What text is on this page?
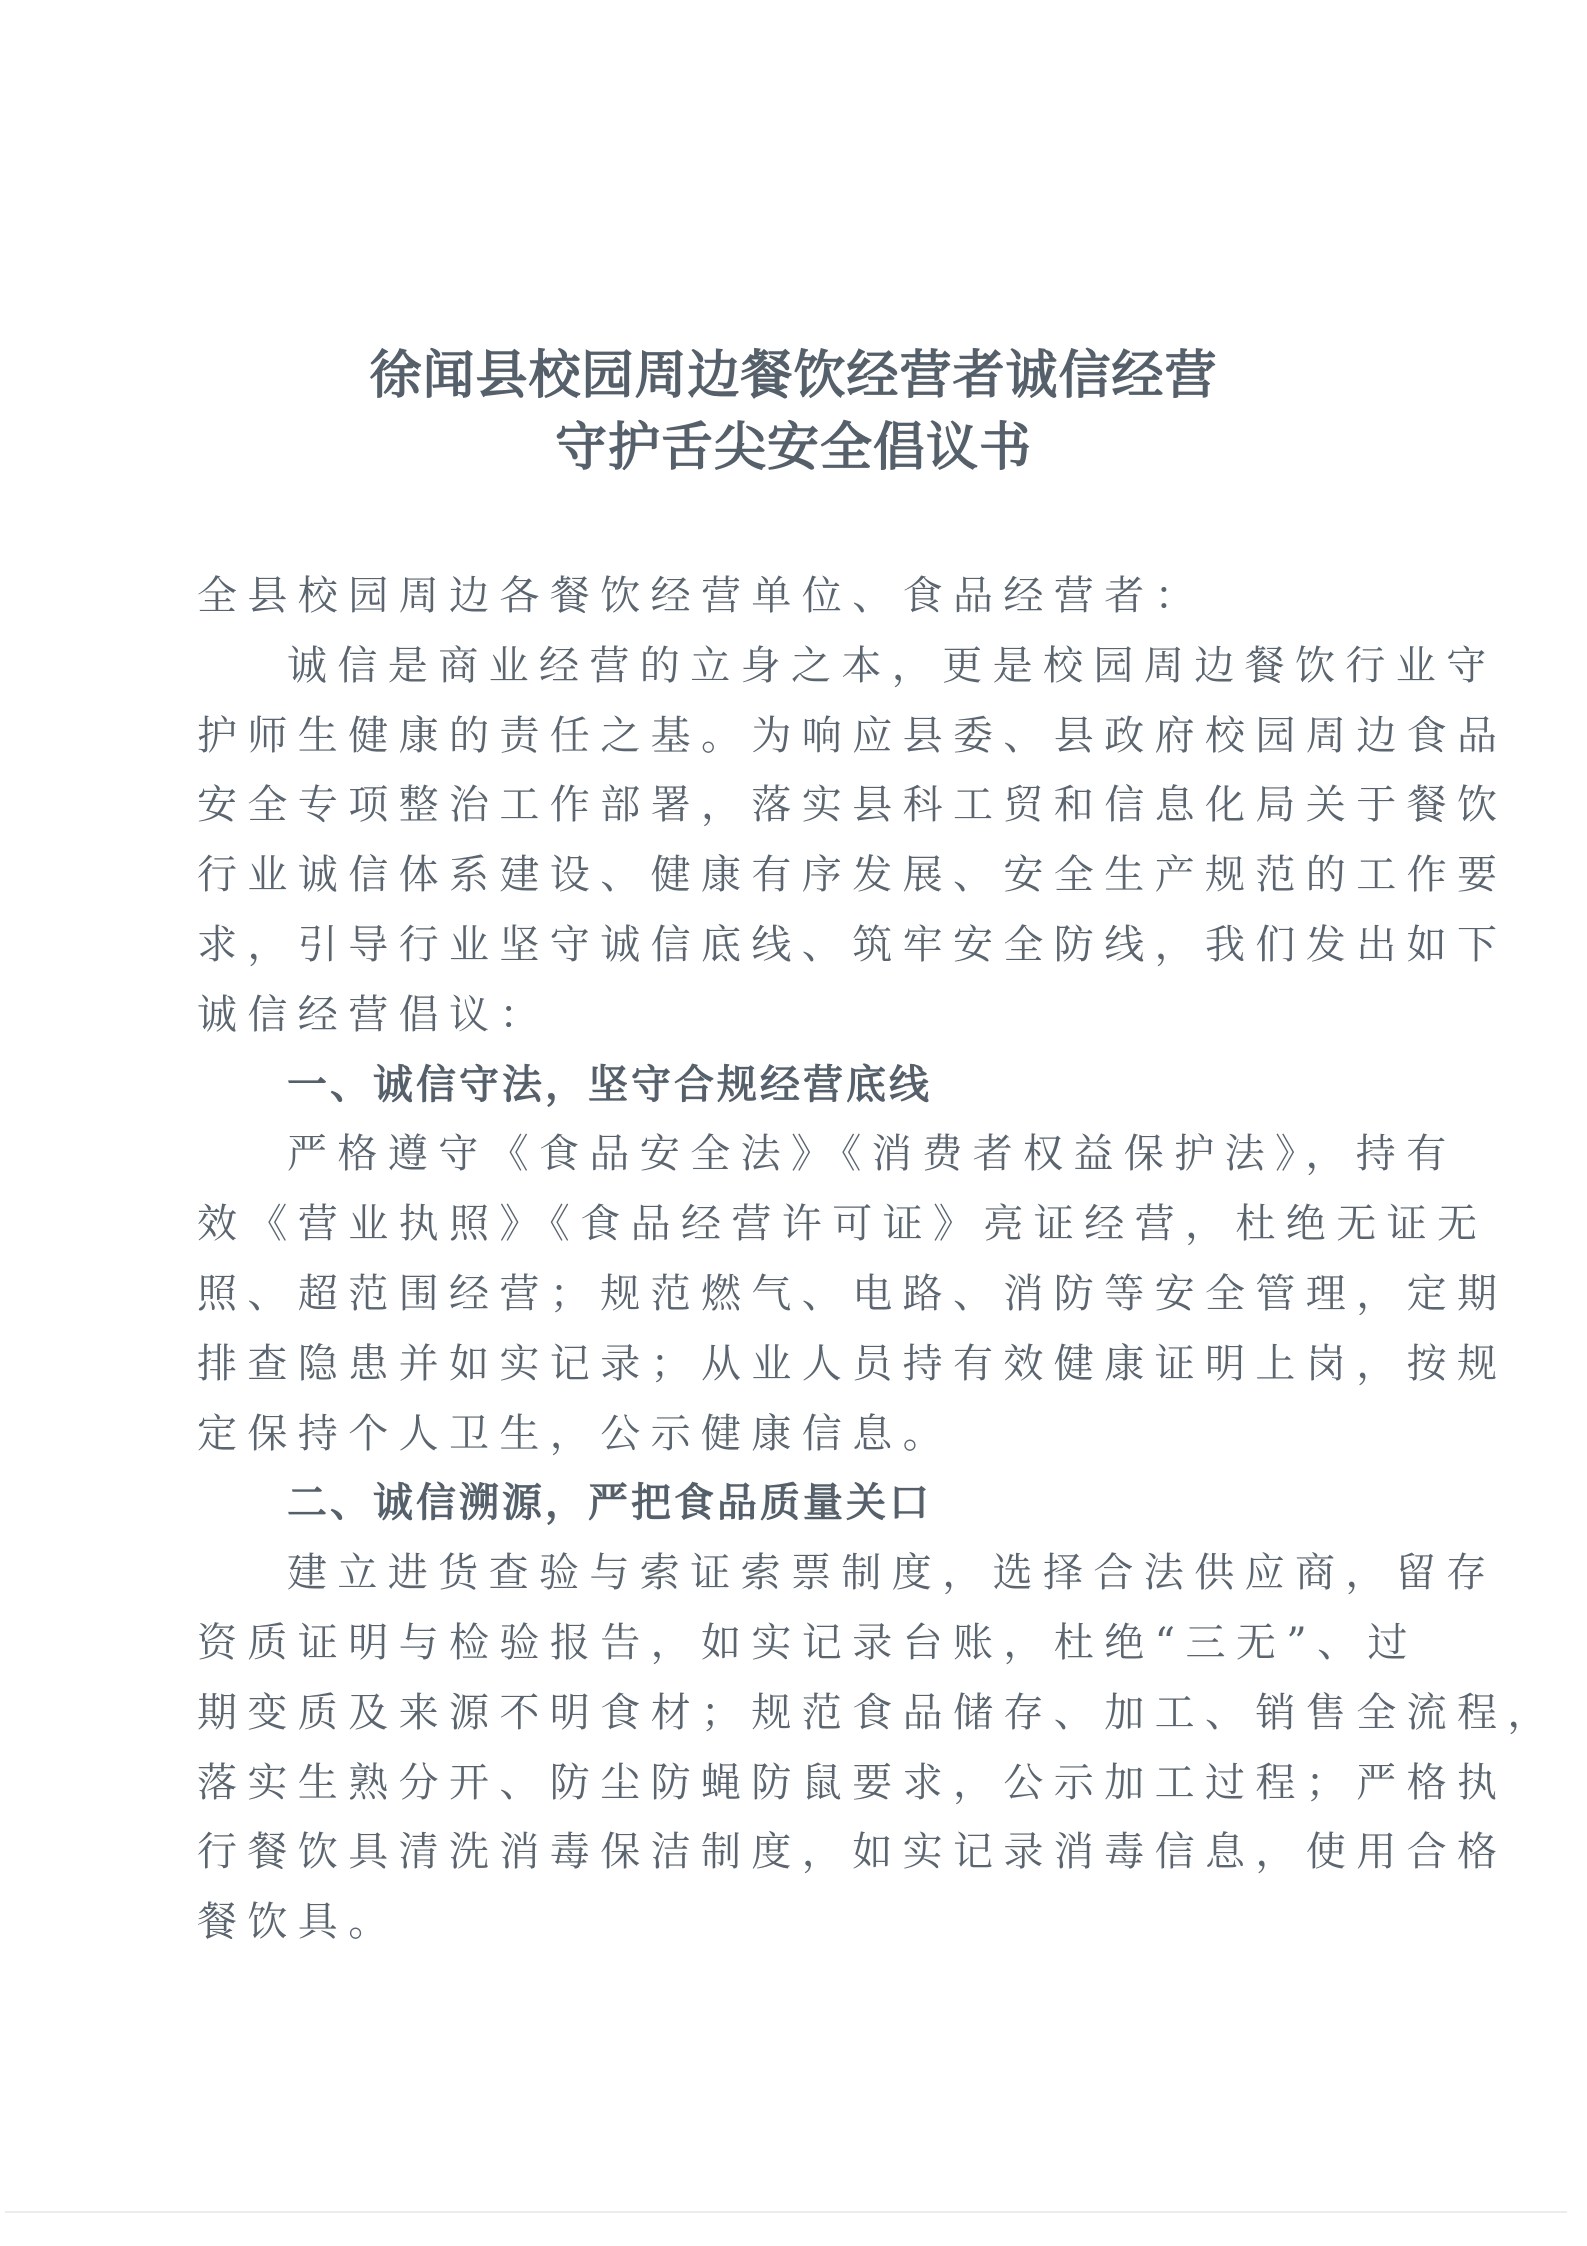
徐闻县校园周边餐饮经营者诚信经营
守护舌尖安全倡议书
全县校园周边各餐饮经营单位、食品经营者：
诚信是商业经营的立身之本，更是校园周边餐饮行业守
护师生健康的责任之基。为响应县委、县政府校园周边食品
安全专项整治工作部署，落实县科工贸和信息化局关于餐饮
行业诚信体系建设、健康有序发展、安全生产规范的工作要
求，引导行业坚守诚信底线、筑牢安全防线，我们发出如下
诚信经营倡议：
一、诚信守法，坚守合规经营底线
严格遵守《食品安全法》《消费者权益保护法》，持有
效《营业执照》《食品经营许可证》亮证经营，杜绝无证无
照、超范围经营；规范燃气、电路、消防等安全管理，定期
排查隐患并如实记录；从业人员持有效健康证明上岗，按规
定保持个人卫生，公示健康信息。
二、诚信溯源，严把食品质量关口
建立进货查验与索证索票制度，选择合法供应商，留存
资质证明与检验报告，如实记录台账，杜绝“三无”、过
期变质及来源不明食材；规范食品储存、加工、销售全流程，
落实生熟分开、防尘防蝇防鼠要求，公示加工过程；严格执
行餐饮具清洗消毒保洁制度，如实记录消毒信息，使用合格
餐饮具。
